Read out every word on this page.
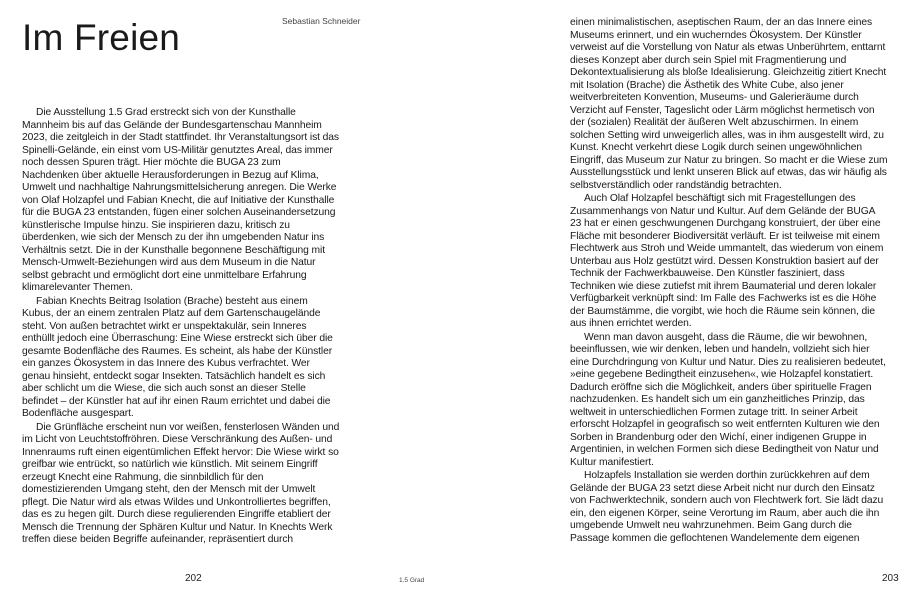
Im Freien	Sebastian Schneider

Die Ausstellung 1.5 Grad erstreckt sich von der Kunsthalle Mannheim bis auf das Gelände der Bundesgartenschau Mannheim 2023, die zeitgleich in der Stadt stattfindet. Ihr Veranstaltungsort ist das Spinelli-Gelände, ein einst vom US-Militär genutztes Areal, das immer noch dessen Spuren trägt. Hier möchte die BUGA 23 zum Nachdenken über aktuelle Herausforderungen in Bezug auf Klima, Umwelt und nachhaltige Nahrungsmittelsicherung anregen. Die Werke von Olaf Holzapfel und Fabian Knecht, die auf Initiative der Kunsthalle für die BUGA 23 entstanden, fügen einer solchen Auseinandersetzung künstlerische Impulse hinzu. Sie inspirieren dazu, kritisch zu überdenken, wie sich der Mensch zu der ihn umgebenden Natur ins Verhältnis setzt. Die in der Kunsthalle begonnene Beschäftigung mit Mensch-Umwelt-Beziehungen wird aus dem Museum in die Natur selbst gebracht und ermöglicht dort eine unmittelbare Erfahrung klimarelevanter Themen.

Fabian Knechts Beitrag Isolation (Brache) besteht aus einem Kubus, der an einem zentralen Platz auf dem Gartenschaugelände steht. Von außen betrachtet wirkt er unspektakulär, sein Inneres enthüllt jedoch eine Überraschung: Eine Wiese erstreckt sich über die gesamte Bodenfläche des Raumes. Es scheint, als habe der Künstler ein ganzes Ökosystem in das Innere des Kubus verfrachtet. Wer genau hinsieht, entdeckt sogar Insekten. Tatsächlich handelt es sich aber schlicht um die Wiese, die sich auch sonst an dieser Stelle befindet – der Künstler hat auf ihr einen Raum errichtet und dabei die Bodenfläche ausgespart.

Die Grünfläche erscheint nun vor weißen, fensterlosen Wänden und im Licht von Leuchtstoffröhren. Diese Verschränkung des Außen- und Innenraums ruft einen eigentümlichen Effekt hervor: Die Wiese wirkt so greifbar wie entrückt, so natürlich wie künstlich. Mit seinem Eingriff erzeugt Knecht eine Rahmung, die sinnbildlich für den domestizierenden Umgang steht, den der Mensch mit der Umwelt pflegt. Die Natur wird als etwas Wildes und Unkontrolliertes begriffen, das es zu hegen gilt. Durch diese regulierenden Eingriffe etabliert der Mensch die Trennung der Sphären Kultur und Natur. In Knechts Werk treffen diese beiden Begriffe aufeinander, repräsentiert durch

202	1.5 Grad

einen minimalistischen, aseptischen Raum, der an das Innere eines Museums erinnert, und ein wucherndes Ökosystem. Der Künstler verweist auf die Vorstellung von Natur als etwas Unberührtem, enttarnt dieses Konzept aber durch sein Spiel mit Fragmentierung und Dekontextualisierung als bloße Idealisierung. Gleichzeitig zitiert Knecht mit Isolation (Brache) die Ästhetik des White Cube, also jener weitverbreiteten Konvention, Museums- und Galerieräume durch Verzicht auf Fenster, Tageslicht oder Lärm möglichst hermetisch von der (sozialen) Realität der äußeren Welt abzuschirmen. In einem solchen Setting wird unweigerlich alles, was in ihm ausgestellt wird, zu Kunst. Knecht verkehrt diese Logik durch seinen ungewöhnlichen Eingriff, das Museum zur Natur zu bringen. So macht er die Wiese zum Ausstellungsstück und lenkt unseren Blick auf etwas, das wir häufig als selbstverständlich oder randständig betrachten.

Auch Olaf Holzapfel beschäftigt sich mit Fragestellungen des Zusammenhangs von Natur und Kultur. Auf dem Gelände der BUGA 23 hat er einen geschwungenen Durchgang konstruiert, der über eine Fläche mit besonderer Biodiversität verläuft. Er ist teilweise mit einem Flechtwerk aus Stroh und Weide ummantelt, das wiederum von einem Unterbau aus Holz gestützt wird. Dessen Konstruktion basiert auf der Technik der Fachwerkbauweise. Den Künstler fasziniert, dass Techniken wie diese zutiefst mit ihrem Baumaterial und deren lokaler Verfügbarkeit verknüpft sind: Im Falle des Fachwerks ist es die Höhe der Baumstämme, die vorgibt, wie hoch die Räume sein können, die aus ihnen errichtet werden.

Wenn man davon ausgeht, dass die Räume, die wir bewohnen, beeinflussen, wie wir denken, leben und handeln, vollzieht sich hier eine Durchdringung von Kultur und Natur. Dies zu realisieren bedeutet, »eine gegebene Bedingtheit einzusehen«, wie Holzapfel konstatiert. Dadurch eröffne sich die Möglichkeit, anders über spirituelle Fragen nachzudenken. Es handelt sich um ein ganzheitliches Prinzip, das weltweit in unterschiedlichen Formen zutage tritt. In seiner Arbeit erforscht Holzapfel in geografisch so weit entfernten Kulturen wie den Sorben in Brandenburg oder den Wichí, einer indigenen Gruppe in Argentinien, in welchen Formen sich diese Bedingtheit von Natur und Kultur manifestiert.

Holzapfels Installation sie werden dorthin zurückkehren auf dem Gelände der BUGA 23 setzt diese Arbeit nicht nur durch den Einsatz von Fachwerktechnik, sondern auch von Flechtwerk fort. Sie lädt dazu ein, den eigenen Körper, seine Verortung im Raum, aber auch die ihn umgebende Umwelt neu wahrzunehmen. Beim Gang durch die Passage kommen die geflochtenen Wandelemente dem eigenen

203
